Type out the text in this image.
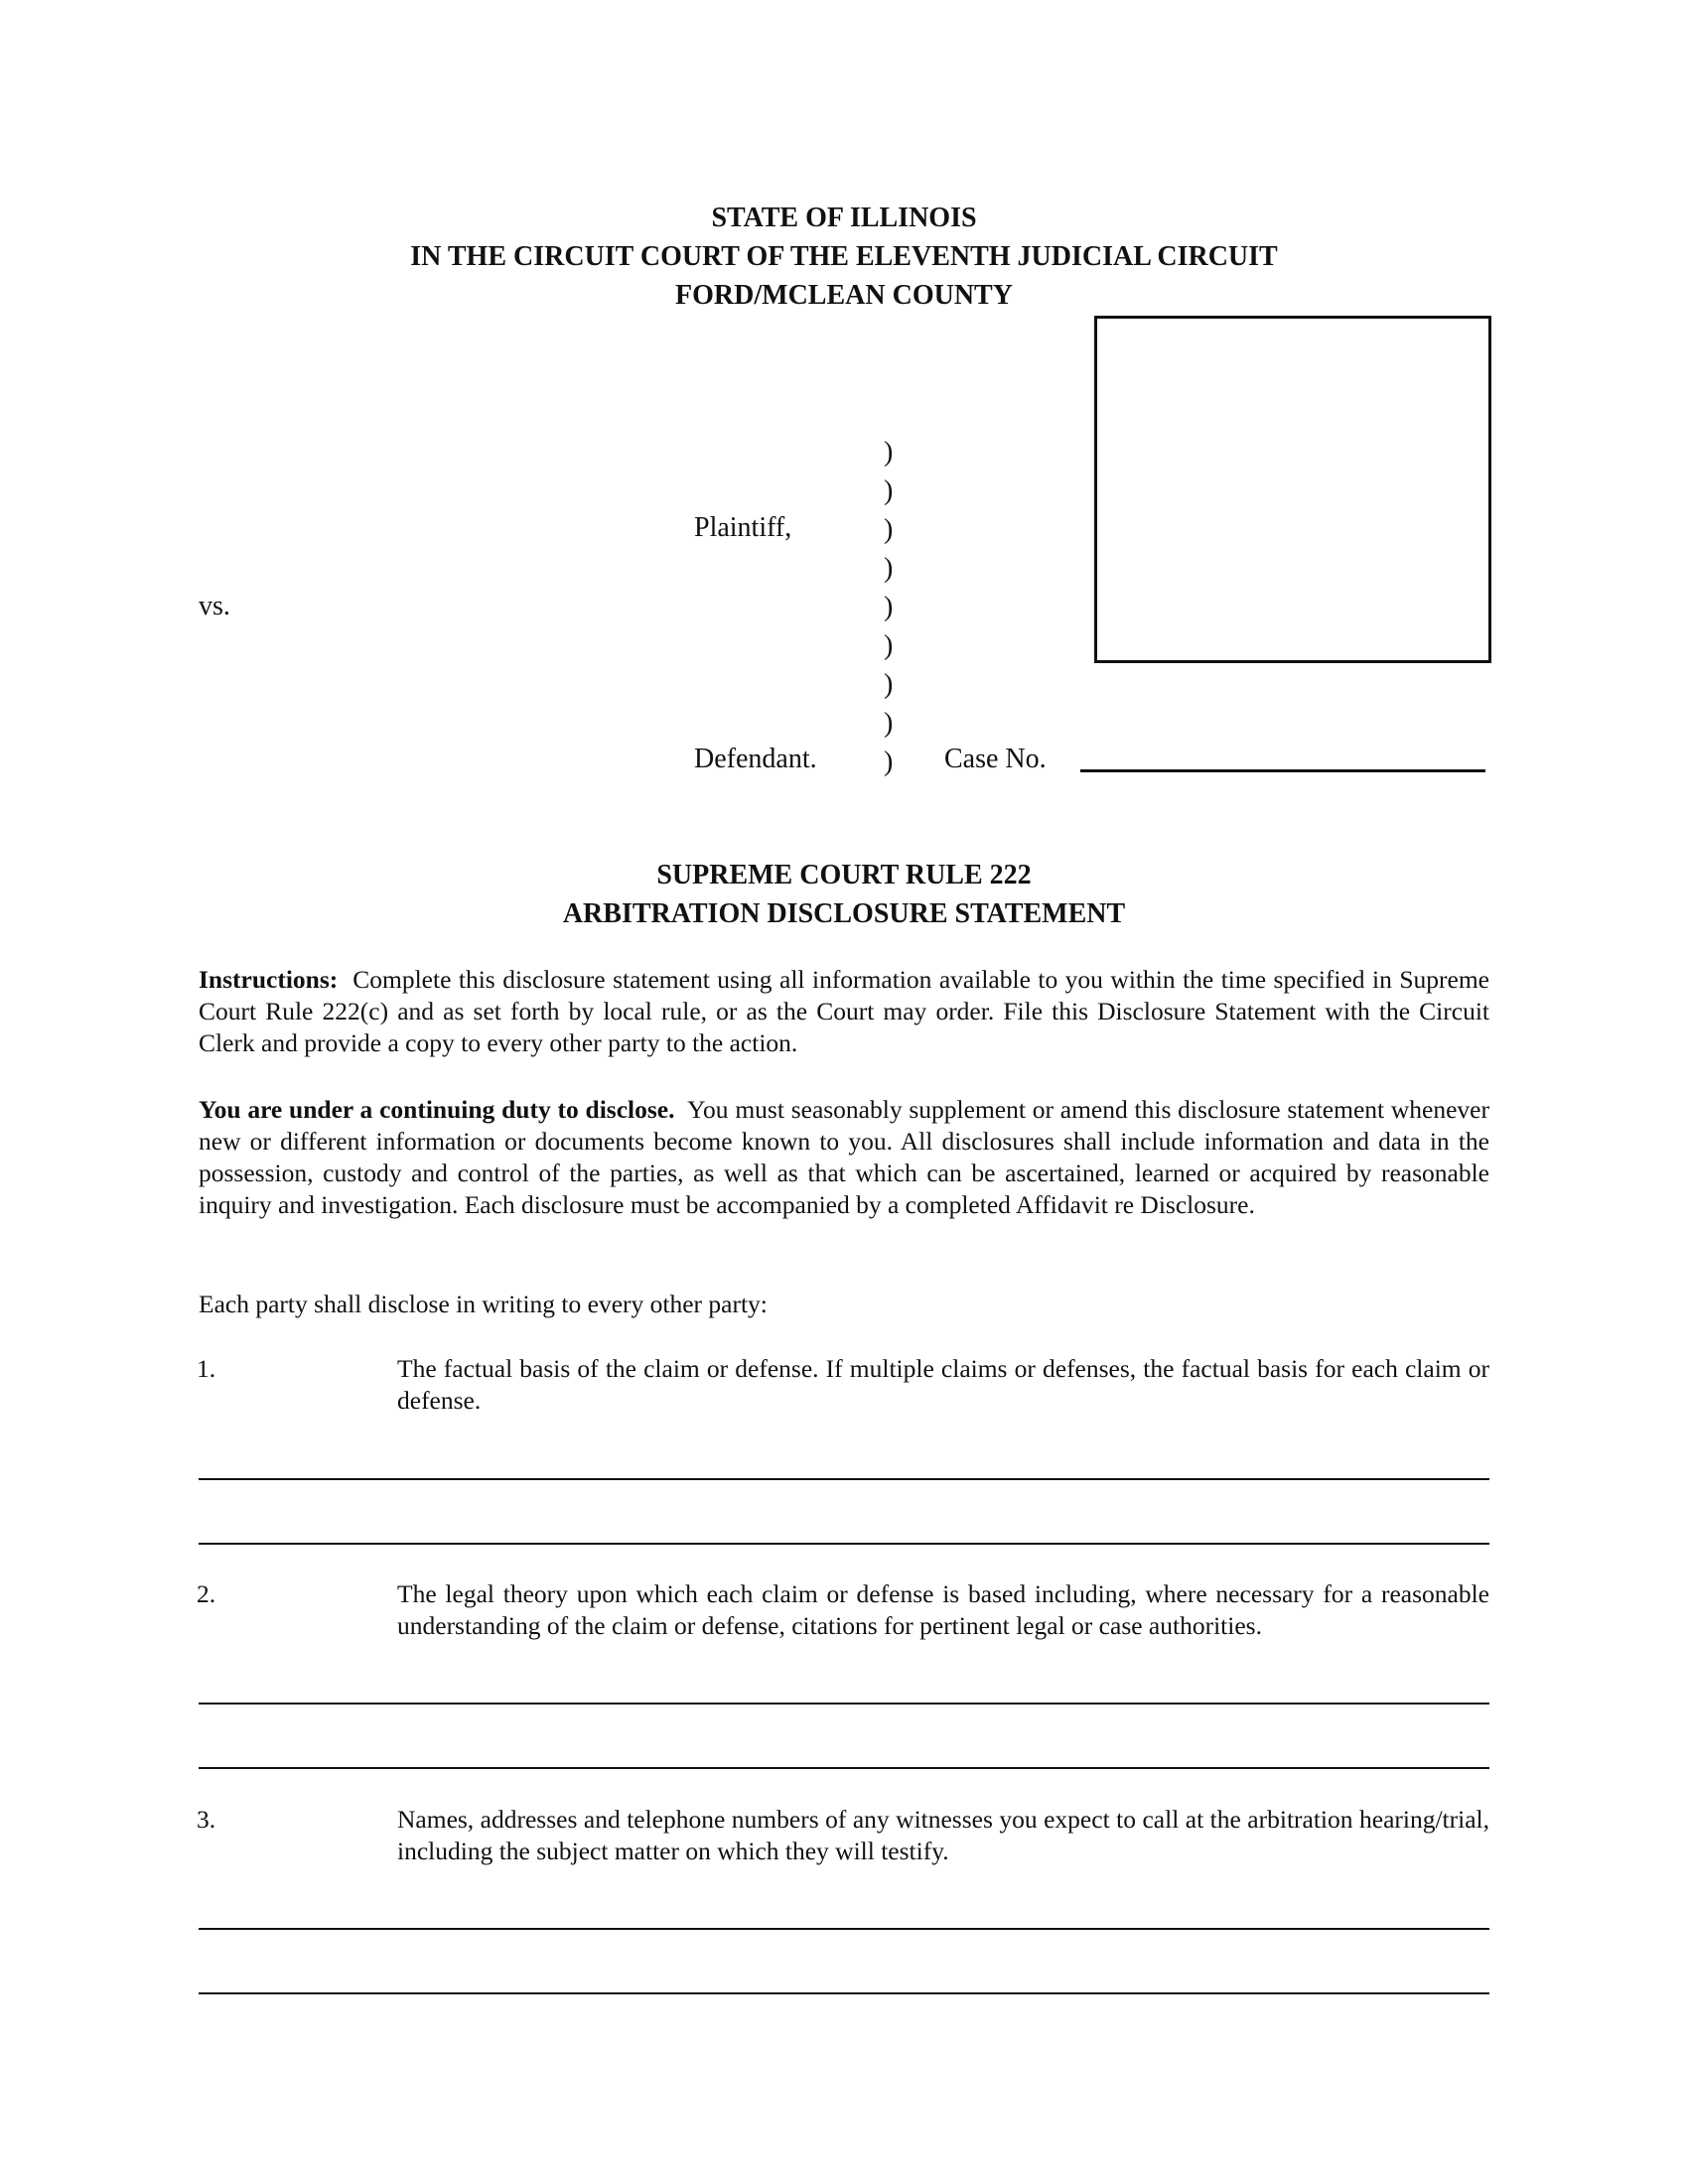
STATE OF ILLINOIS
IN THE CIRCUIT COURT OF THE ELEVENTH JUDICIAL CIRCUIT
FORD/MCLEAN COUNTY
)
)
)
)
)
)
)
)
)
Plaintiff,
vs.
Defendant.	Case No.
SUPREME COURT RULE 222
ARBITRATION DISCLOSURE STATEMENT
Instructions: Complete this disclosure statement using all information available to you within the time specified in Supreme Court Rule 222(c) and as set forth by local rule, or as the Court may order. File this Disclosure Statement with the Circuit Clerk and provide a copy to every other party to the action.
You are under a continuing duty to disclose. You must seasonably supplement or amend this disclosure statement whenever new or different information or documents become known to you. All disclosures shall include information and data in the possession, custody and control of the parties, as well as that which can be ascertained, learned or acquired by reasonable inquiry and investigation. Each disclosure must be accompanied by a completed Affidavit re Disclosure.
Each party shall disclose in writing to every other party:
1.	The factual basis of the claim or defense. If multiple claims or defenses, the factual basis for each claim or defense.
2.	The legal theory upon which each claim or defense is based including, where necessary for a reasonable understanding of the claim or defense, citations for pertinent legal or case authorities.
3.	Names, addresses and telephone numbers of any witnesses you expect to call at the arbitration hearing/trial, including the subject matter on which they will testify.
